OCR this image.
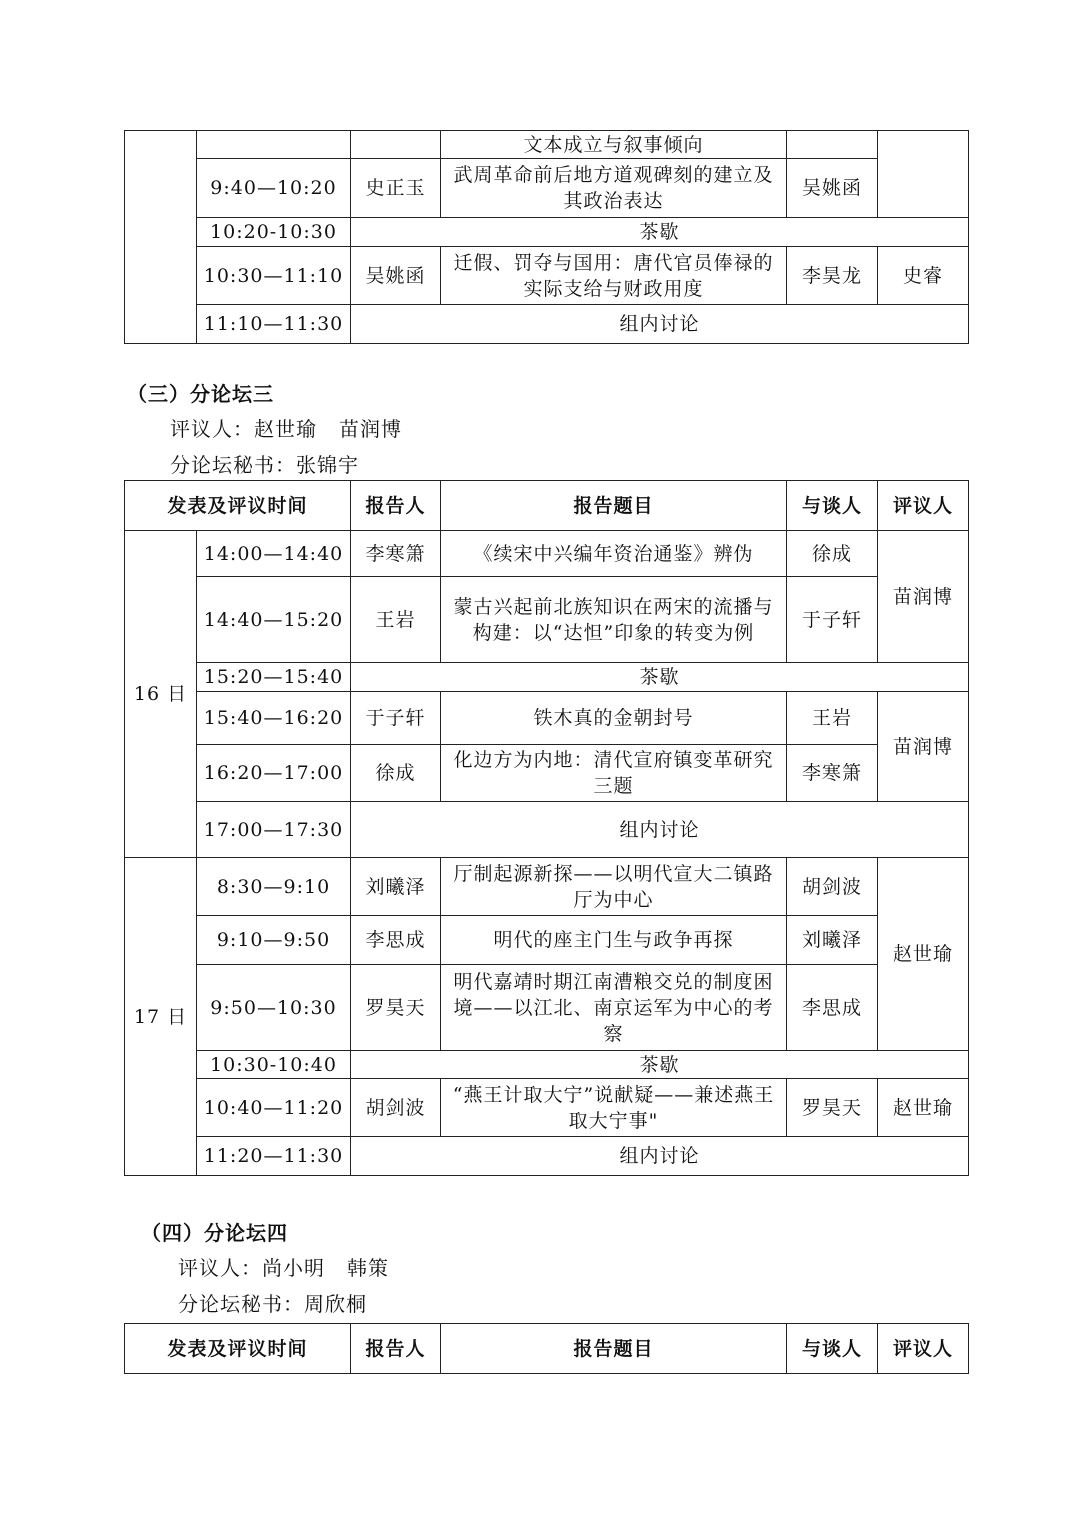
			文本成立与叙事倾向		
	9:40—10:20	史正玉	武周革命前后地方道观碑刻的建立及其政治表达	吴姚函	
	10:20-10:30	茶歇			
	10:30—11:10	吴姚函	迁假、罚夺与国用：唐代官员俸禄的实际支给与财政用度	李昊龙	史睿
	11:10—11:30	组内讨论			
（三）分论坛三
评议人：赵世瑜 苗润博
分论坛秘书：张锦宇
发表及评议时间		报告人	报告题目	与谈人	评议人
16 日	14:00—14:40	李寒箫	《续宋中兴编年资治通鉴》辨伪	徐成	苗润博
	14:40—15:20	王岩	蒙古兴起前北族知识在两宋的流播与构建：以“达怛”印象的转变为例	于子轩	
	15:20—15:40	茶歇			
	15:40—16:20	于子轩	铁木真的金朝封号	王岩	苗润博
	16:20—17:00	徐成	化边方为内地：清代宣府镇变革研究三题	李寒箫	
	17:00—17:30	组内讨论			
17 日	8:30—9:10	刘曦泽	厅制起源新探——以明代宣大二镇路厅为中心	胡剑波	赵世瑜
	9:10—9:50	李思成	明代的座主门生与政争再探	刘曦泽	
	9:50—10:30	罗昊天	明代嘉靖时期江南漕粮交兑的制度困境——以江北、南京运军为中心的考察	李思成	
	10:30-10:40	茶歇			
	10:40—11:20	胡剑波	“燕王计取大宁”说献疑——兼述燕王取大宁事"	罗昊天	赵世瑜
	11:20—11:30	组内讨论			
（四）分论坛四
评议人：尚小明 韩策
分论坛秘书：周欣桐
发表及评议时间	报告人	报告题目	与谈人	评议人
